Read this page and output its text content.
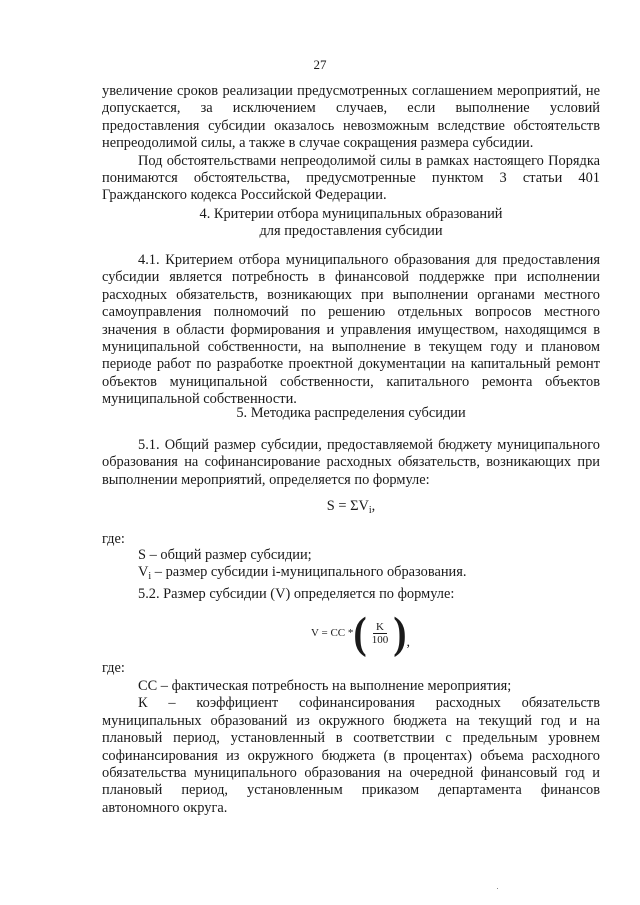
27

увеличение сроков реализации предусмотренных соглашением мероприятий, не допускается, за исключением случаев, если выполнение условий предоставления субсидии оказалось невозможным вследствие обстоятельств непреодолимой силы, а также в случае сокращения размера субсидии.

Под обстоятельствами непреодолимой силы в рамках настоящего Порядка понимаются обстоятельства, предусмотренные пунктом 3 статьи 401 Гражданского кодекса Российской Федерации.

4. Критерии отбора муниципальных образований

для предоставления субсидии

4.1. Критерием отбора муниципального образования для предоставления субсидии является потребность в финансовой поддержке при исполнении расходных обязательств, возникающих при выполнении органами местного самоуправления полномочий по решению отдельных вопросов местного значения в области формирования и управления имуществом, находящимся в муниципальной собственности, на выполнение в текущем году и плановом периоде работ по разработке проектной документации на капитальный ремонт объектов муниципальной собственности, капитального ремонта объектов муниципальной собственности.

5. Методика распределения субсидии

5.1. Общий размер субсидии, предоставляемой бюджету муниципального образования на софинансирование расходных обязательств, возникающих при выполнении мероприятий, определяется по формуле:

$S = \Sigma V_i$,

где:

S – общий размер субсидии;

$V_i$ – размер субсидии i-муниципального образования.

5.2. Размер субсидии (V) определяется по формуле:

V = CC * ( $\frac{K}{100}$ ) ,

где:

СС – фактическая потребность на выполнение мероприятия;

К – коэффициент софинансирования расходных обязательств муниципальных образований из окружного бюджета на текущий год и на плановый период, установленный в соответствии с предельным уровнем софинансирования из окружного бюджета (в процентах) объема расходного обязательства муниципального образования на очередной финансовый год и плановый период, установленным приказом департамента финансов автономного округа.
